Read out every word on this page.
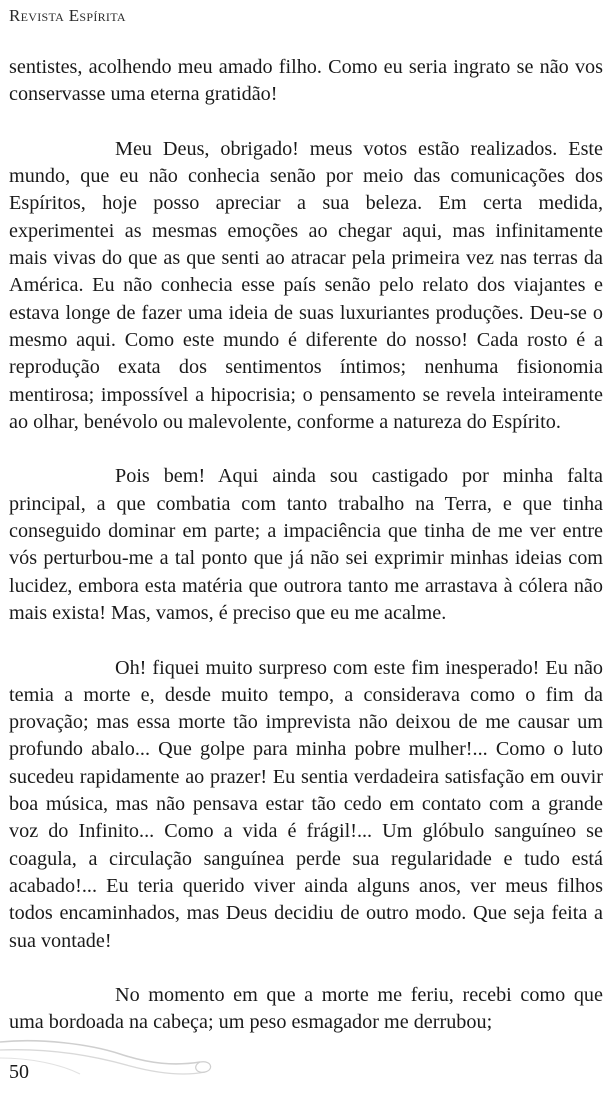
Revista Espírita

sentistes, acolhendo meu amado filho. Como eu seria ingrato se não vos conservasse uma eterna gratidão!

Meu Deus, obrigado! meus votos estão realizados. Este mundo, que eu não conhecia senão por meio das comunicações dos Espíritos, hoje posso apreciar a sua beleza. Em certa medida, experimentei as mesmas emoções ao chegar aqui, mas infinitamente mais vivas do que as que senti ao atracar pela primeira vez nas terras da América. Eu não conhecia esse país senão pelo relato dos viajantes e estava longe de fazer uma ideia de suas luxuriantes produções. Deu-se o mesmo aqui. Como este mundo é diferente do nosso! Cada rosto é a reprodução exata dos sentimentos íntimos; nenhuma fisionomia mentirosa; impossível a hipocrisia; o pensamento se revela inteiramente ao olhar, benévolo ou malevolente, conforme a natureza do Espírito.

Pois bem! Aqui ainda sou castigado por minha falta principal, a que combatia com tanto trabalho na Terra, e que tinha conseguido dominar em parte; a impaciência que tinha de me ver entre vós perturbou-me a tal ponto que já não sei exprimir minhas ideias com lucidez, embora esta matéria que outrora tanto me arrastava à cólera não mais exista! Mas, vamos, é preciso que eu me acalme.

Oh! fiquei muito surpreso com este fim inesperado! Eu não temia a morte e, desde muito tempo, a considerava como o fim da provação; mas essa morte tão imprevista não deixou de me causar um profundo abalo... Que golpe para minha pobre mulher!... Como o luto sucedeu rapidamente ao prazer! Eu sentia verdadeira satisfação em ouvir boa música, mas não pensava estar tão cedo em contato com a grande voz do Infinito... Como a vida é frágil!... Um glóbulo sanguíneo se coagula, a circulação sanguínea perde sua regularidade e tudo está acabado!... Eu teria querido viver ainda alguns anos, ver meus filhos todos encaminhados, mas Deus decidiu de outro modo. Que seja feita a sua vontade!

No momento em que a morte me feriu, recebi como que uma bordoada na cabeça; um peso esmagador me derrubou;

50
